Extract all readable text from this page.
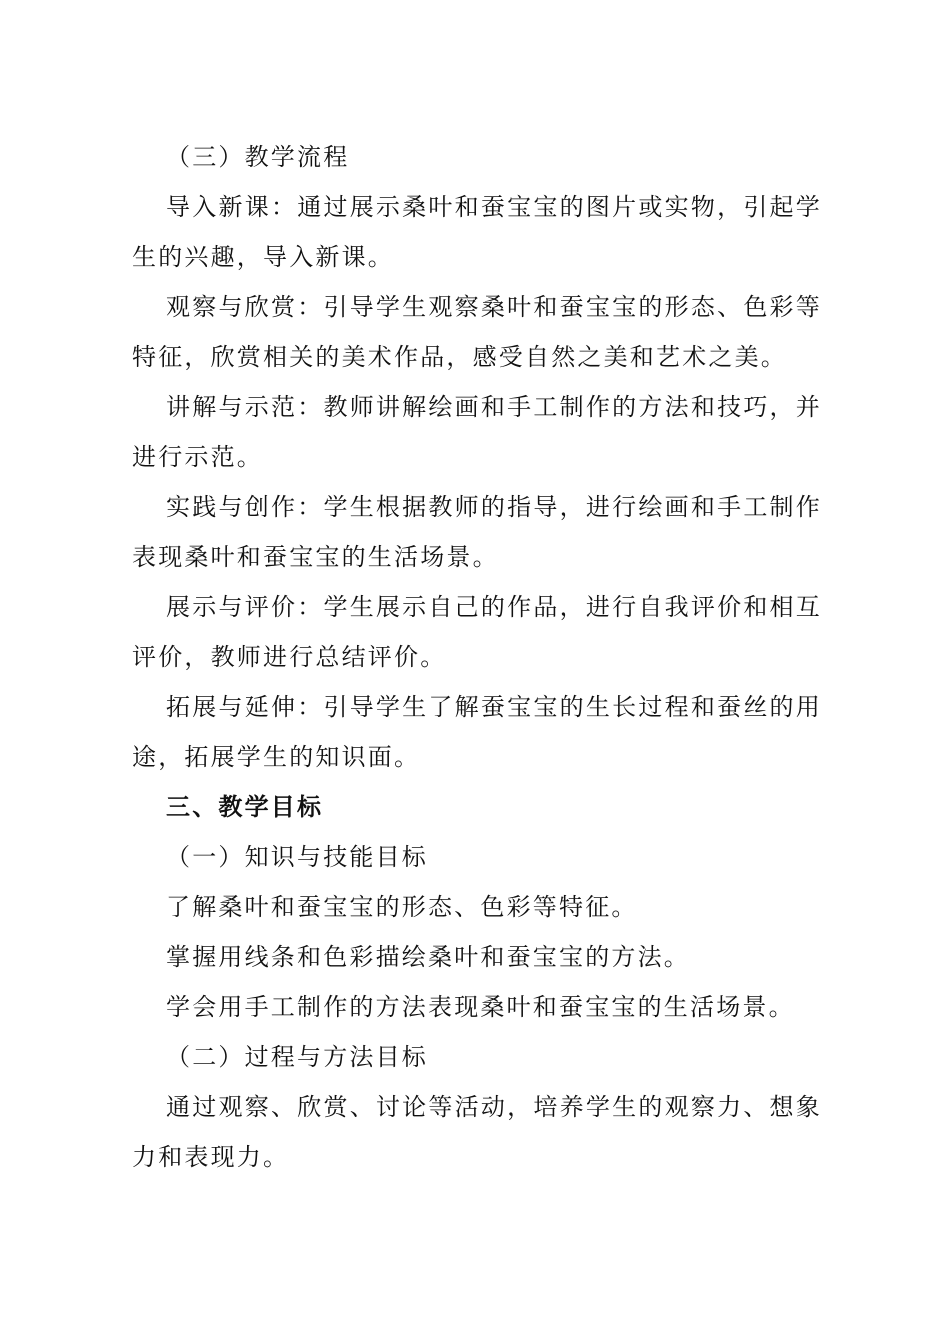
（三）教学流程

导入新课：通过展示桑叶和蚕宝宝的图片或实物，引起学生的兴趣，导入新课。

观察与欣赏：引导学生观察桑叶和蚕宝宝的形态、色彩等特征，欣赏相关的美术作品，感受自然之美和艺术之美。

讲解与示范：教师讲解绘画和手工制作的方法和技巧，并进行示范。

实践与创作：学生根据教师的指导，进行绘画和手工制作表现桑叶和蚕宝宝的生活场景。

展示与评价：学生展示自己的作品，进行自我评价和相互评价，教师进行总结评价。

拓展与延伸：引导学生了解蚕宝宝的生长过程和蚕丝的用途，拓展学生的知识面。

三、教学目标

（一）知识与技能目标

了解桑叶和蚕宝宝的形态、色彩等特征。

掌握用线条和色彩描绘桑叶和蚕宝宝的方法。

学会用手工制作的方法表现桑叶和蚕宝宝的生活场景。

（二）过程与方法目标

通过观察、欣赏、讨论等活动，培养学生的观察力、想象力和表现力。
